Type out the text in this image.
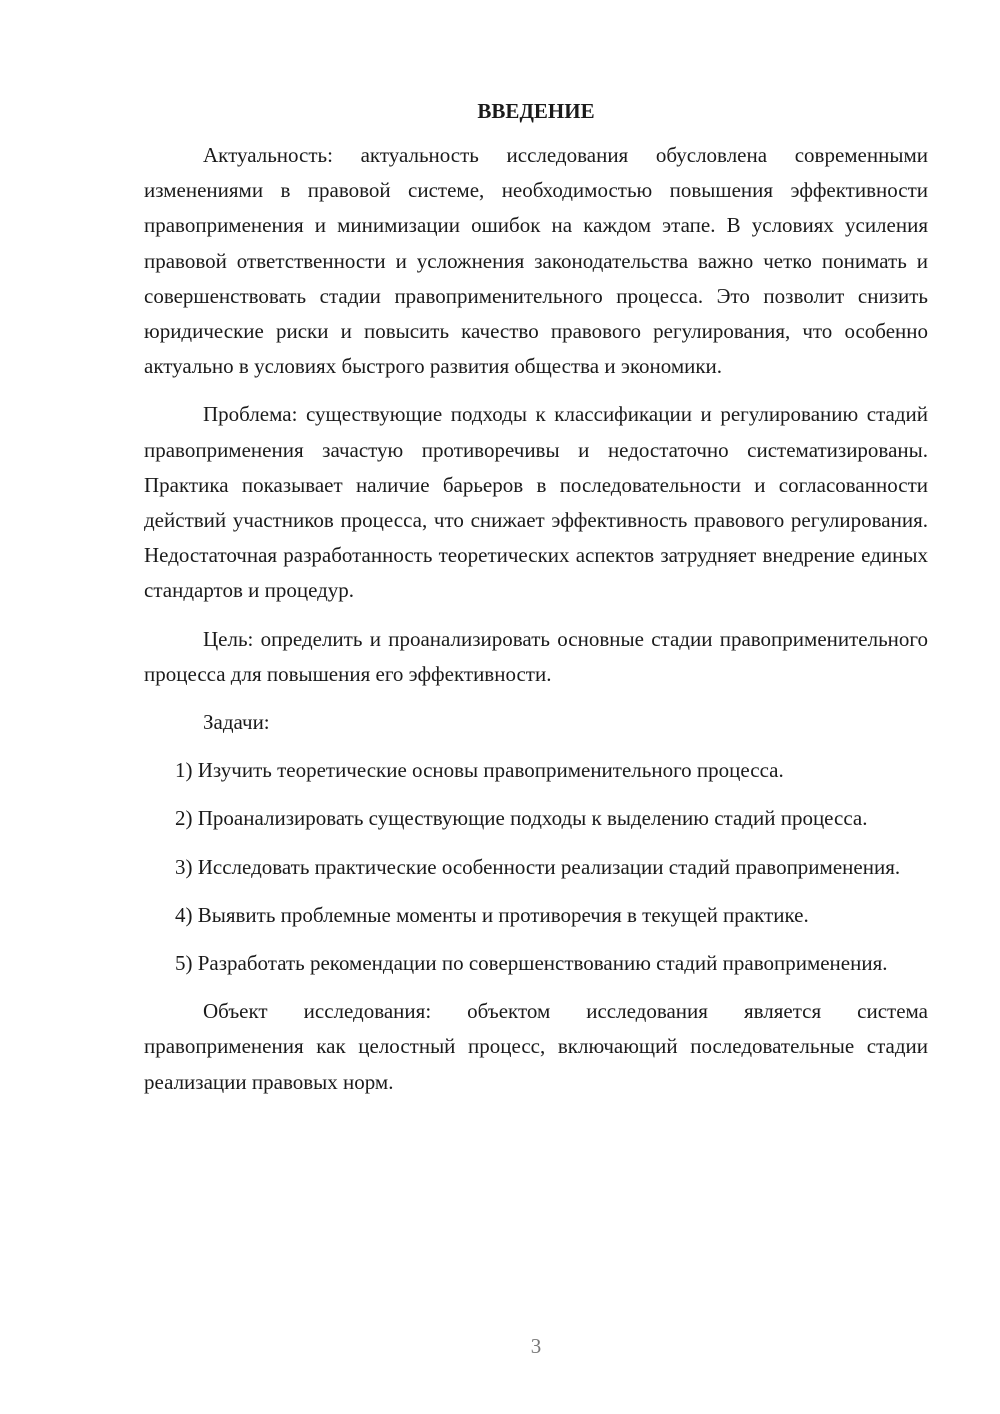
ВВЕДЕНИЕ

Актуальность: актуальность исследования обусловлена современными изменениями в правовой системе, необходимостью повышения эффективности правоприменения и минимизации ошибок на каждом этапе. В условиях усиления правовой ответственности и усложнения законодательства важно четко понимать и совершенствовать стадии правоприменительного процесса. Это позволит снизить юридические риски и повысить качество правового регулирования, что особенно актуально в условиях быстрого развития общества и экономики.

Проблема: существующие подходы к классификации и регулированию стадий правоприменения зачастую противоречивы и недостаточно систематизированы. Практика показывает наличие барьеров в последовательности и согласованности действий участников процесса, что снижает эффективность правового регулирования. Недостаточная разработанность теоретических аспектов затрудняет внедрение единых стандартов и процедур.

Цель: определить и проанализировать основные стадии правоприменительного процесса для повышения его эффективности.

Задачи:

1) Изучить теоретические основы правоприменительного процесса.

2) Проанализировать существующие подходы к выделению стадий процесса.

3) Исследовать практические особенности реализации стадий правоприменения.

4) Выявить проблемные моменты и противоречия в текущей практике.

5) Разработать рекомендации по совершенствованию стадий правоприменения.

Объект исследования: объектом исследования является система правоприменения как целостный процесс, включающий последовательные стадии реализации правовых норм.

3
